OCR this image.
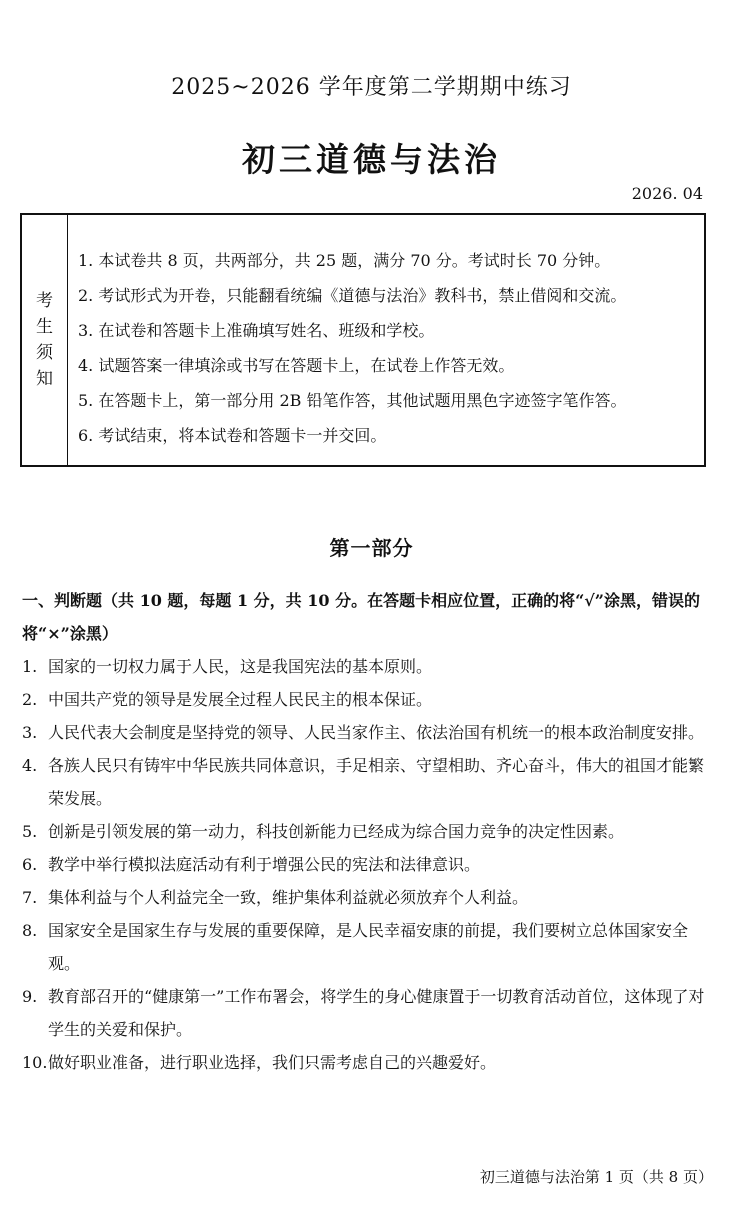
2025~2026 学年度第二学期期中练习
初三道德与法治
2026. 04
考生须知
1. 本试卷共 8 页，共两部分，共 25 题，满分 70 分。考试时长 70 分钟。
2. 考试形式为开卷，只能翻看统编《道德与法治》教科书，禁止借阅和交流。
3. 在试卷和答题卡上准确填写姓名、班级和学校。
4. 试题答案一律填涂或书写在答题卡上，在试卷上作答无效。
5. 在答题卡上，第一部分用 2B 铅笔作答，其他试题用黑色字迹签字笔作答。
6. 考试结束，将本试卷和答题卡一并交回。
第一部分
一、判断题（共 10 题，每题 1 分，共 10 分。在答题卡相应位置，正确的将“√”涂黑，错误的将“×”涂黑）
1. 国家的一切权力属于人民，这是我国宪法的基本原则。
2. 中国共产党的领导是发展全过程人民民主的根本保证。
3. 人民代表大会制度是坚持党的领导、人民当家作主、依法治国有机统一的根本政治制度安排。
4. 各族人民只有铸牢中华民族共同体意识，手足相亲、守望相助、齐心奋斗，伟大的祖国才能繁荣发展。
5. 创新是引领发展的第一动力，科技创新能力已经成为综合国力竞争的决定性因素。
6. 教学中举行模拟法庭活动有利于增强公民的宪法和法律意识。
7. 集体利益与个人利益完全一致，维护集体利益就必须放弃个人利益。
8. 国家安全是国家生存与发展的重要保障，是人民幸福安康的前提，我们要树立总体国家安全观。
9. 教育部召开的“健康第一”工作布署会，将学生的身心健康置于一切教育活动首位，这体现了对学生的关爱和保护。
10. 做好职业准备，进行职业选择，我们只需考虑自己的兴趣爱好。
初三道德与法治第 1 页（共 8 页）
